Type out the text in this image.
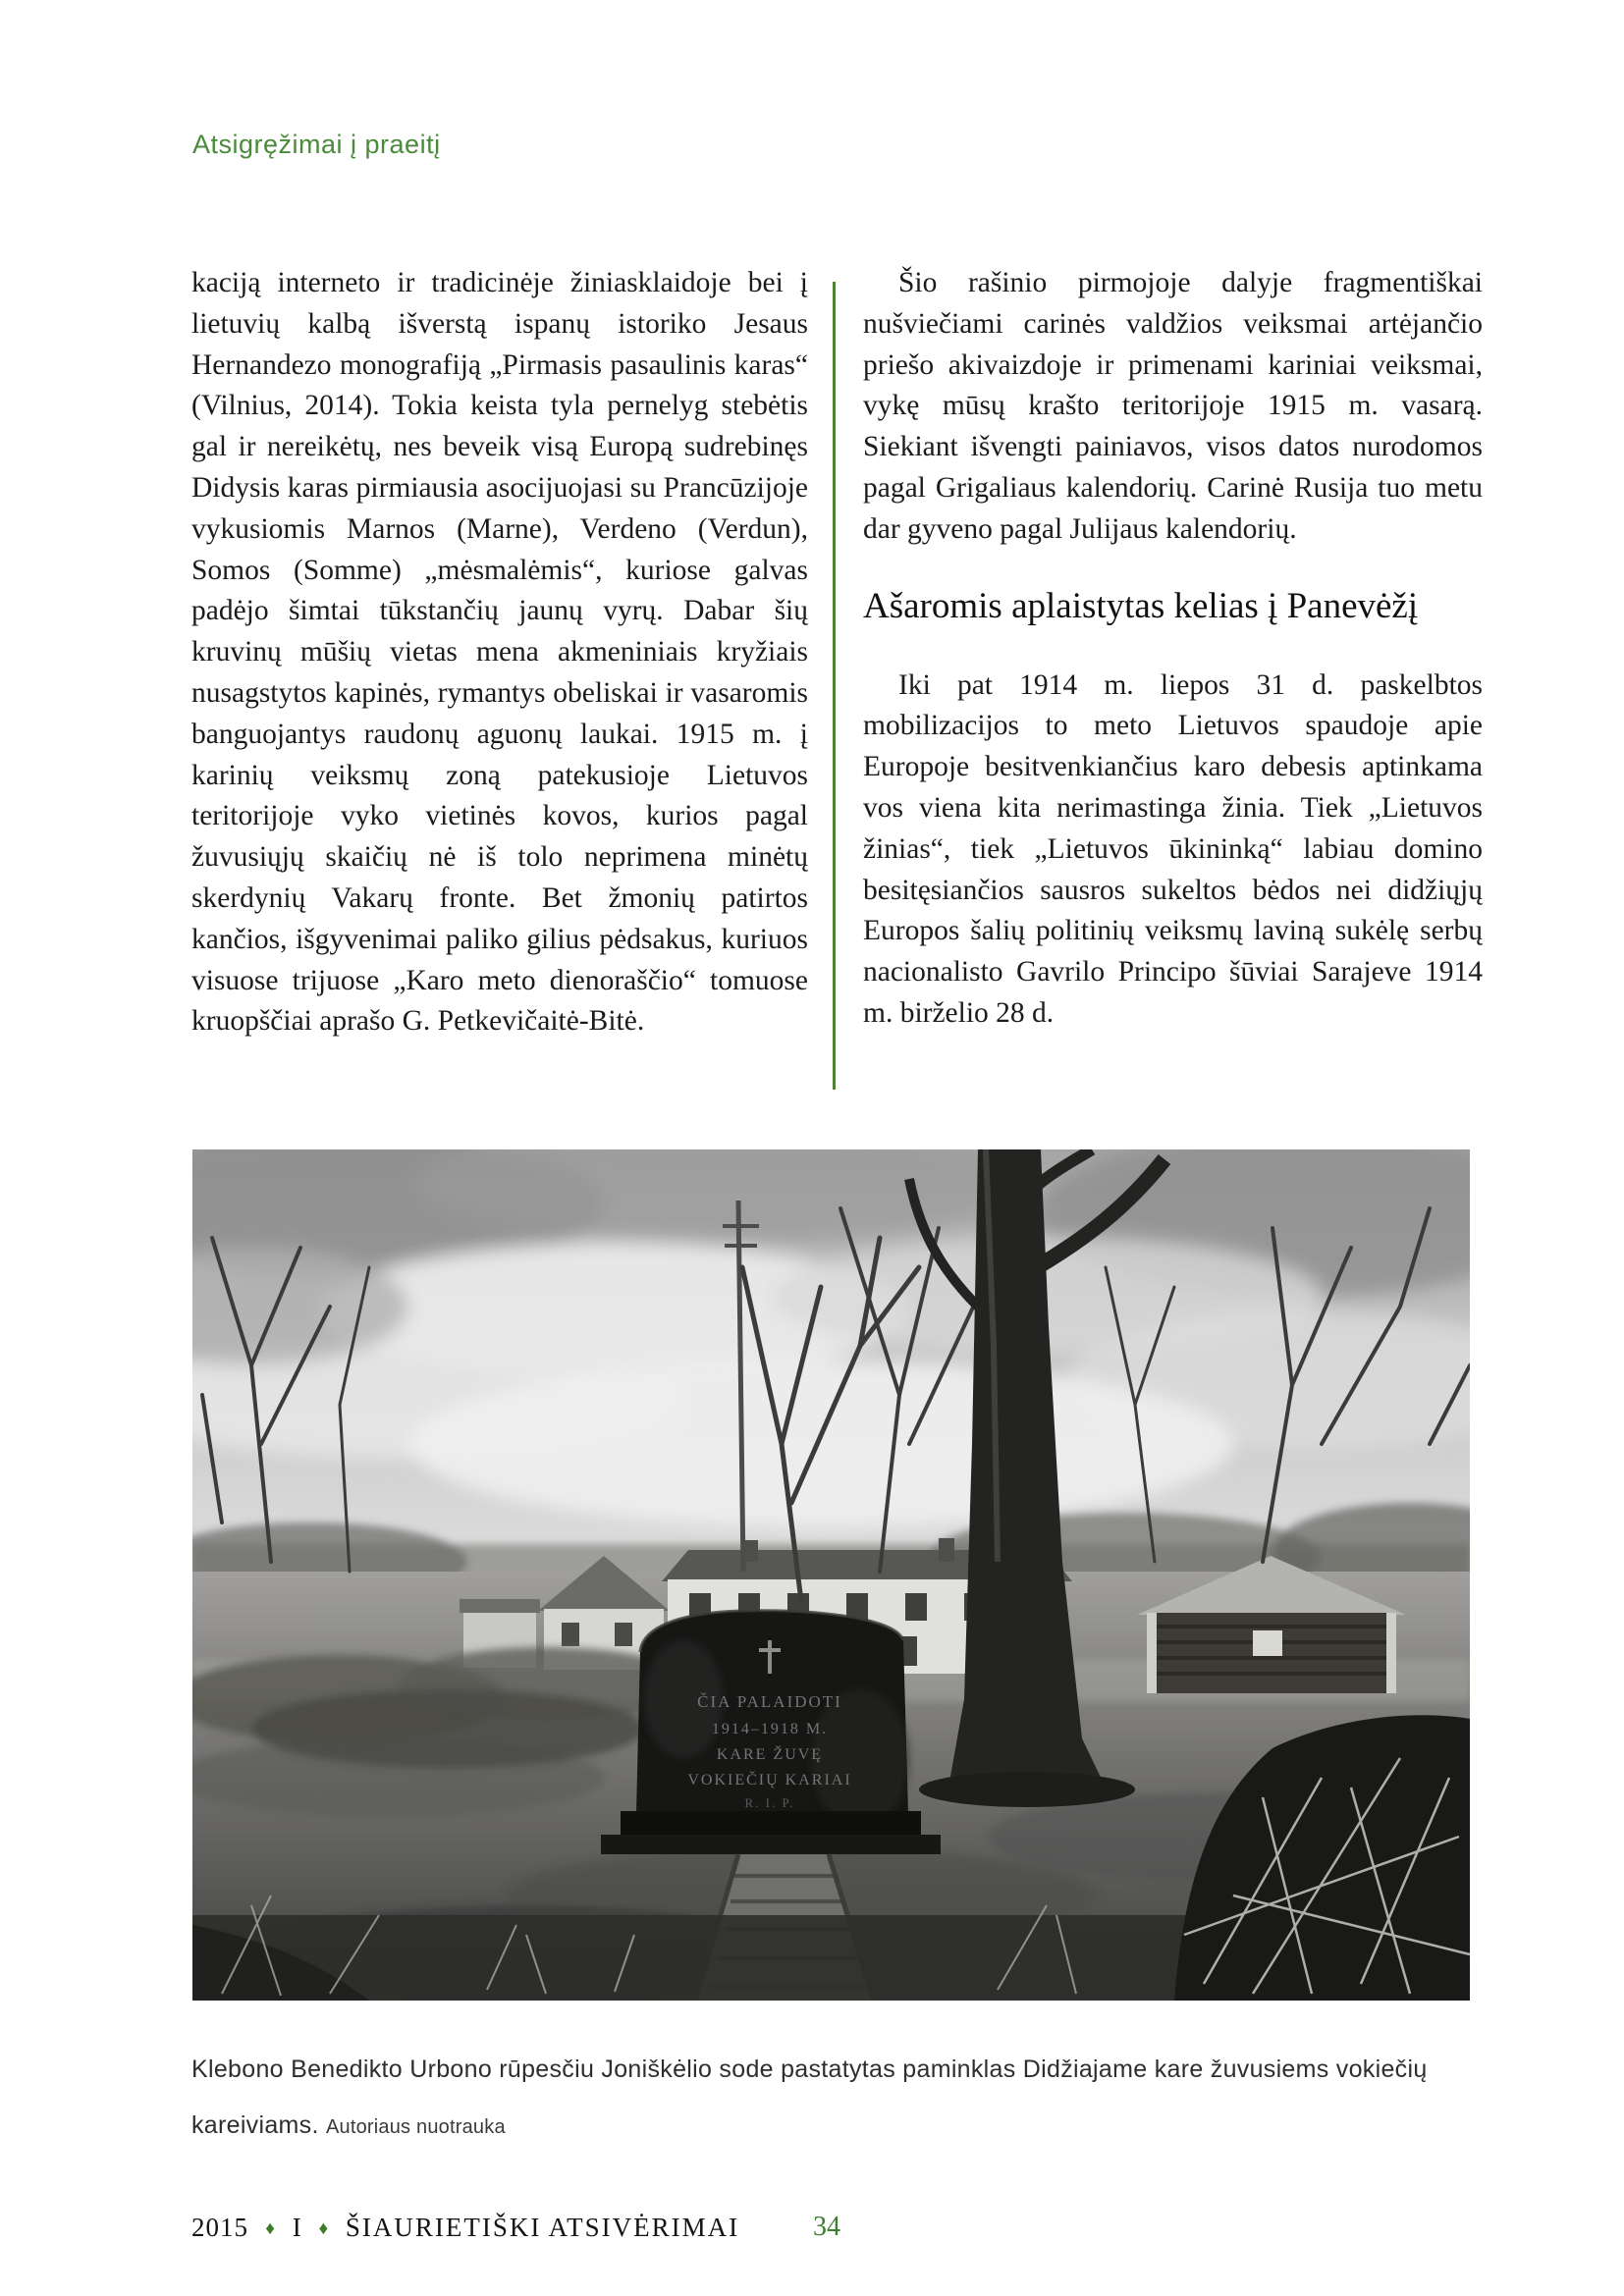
Atsigręžimai į praeitį

kaciją interneto ir tradicinėje žiniasklaidoje bei į lietuvių kalbą išverstą ispanų istoriko Jesaus Hernandezo monografiją „Pirmasis pasaulinis karas“ (Vilnius, 2014). Tokia keista tyla pernelyg stebėtis gal ir nereikėtų, nes beveik visą Europą sudrebinęs Didysis karas pirmiausia asocijuojasi su Prancūzijoje vykusiomis Marnos (Marne), Verdeno (Verdun), Somos (Somme) „mėsmalėmis“, kuriose galvas padėjo šimtai tūkstančių jaunų vyrų. Dabar šių kruvinų mūšių vietas mena akmeniniais kryžiais nusagstytos kapinės, rymantys obeliskai ir vasaromis banguojantys raudonų aguonų laukai. 1915 m. į karinių veiksmų zoną patekusioje Lietuvos teritorijoje vyko vietinės kovos, kurios pagal žuvusiųjų skaičių nė iš tolo neprimena minėtų skerdynių Vakarų fronte. Bet žmonių patirtos kančios, išgyvenimai paliko gilius pėdsakus, kuriuos visuose trijuose „Karo meto dienoraščio“ tomuose kruopščiai aprašo G. Petkevičaitė-Bitė.

Šio rašinio pirmojoje dalyje fragmentiškai nušviečiami carinės valdžios veiksmai artėjančio priešo akivaizdoje ir primenami kariniai veiksmai, vykę mūsų krašto teritorijoje 1915 m. vasarą. Siekiant išvengti painiavos, visos datos nurodomos pagal Grigaliaus kalendorių. Carinė Rusija tuo metu dar gyveno pagal Julijaus kalendorių.

Ašaromis aplaistytas kelias į Panevėžį

Iki pat 1914 m. liepos 31 d. paskelbtos mobilizacijos to meto Lietuvos spaudoje apie Europoje besitvenkiančius karo debesis aptinkama vos viena kita nerimastinga žinia. Tiek „Lietuvos žinias“, tiek „Lietuvos ūkininką“ labiau domino besitęsiančios sausros sukeltos bėdos nei didžiųjų Europos šalių politinių veiksmų laviną sukėlę serbų nacionalisto Gavrilo Principo šūviai Sarajeve 1914 m. birželio 28 d.

ČIA PALAIDOTI
1914–1918 M.
KARE ŽUVĘ
VOKIEČIŲ KARIAI
R. I. P.
Klebono Benedikto Urbono rūpesčiu Joniškėlio sode pastatytas paminklas Didžiajame kare žuvusiems vokiečių kareiviams. Autoriaus nuotrauka
2015 ♦ I ♦ ŠIAURIETIŠKI ATSIVĖRIMAI	34
